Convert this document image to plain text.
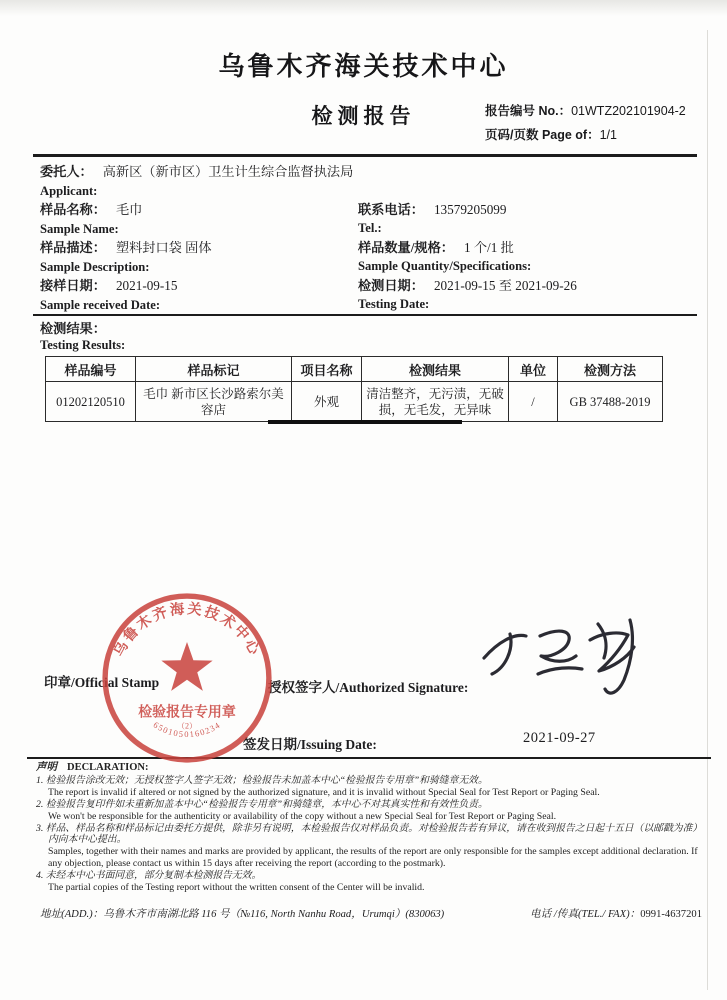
乌鲁木齐海关技术中心
检测报告	报告编号 No.：01WTZ202101904-2
页码/页数 Page of：1/1
委托人： 高新区（新市区）卫生计生综合监督执法局
Applicant:
样品名称： 毛巾	联系电话： 13579205099
Sample Name:	Tel.:
样品描述： 塑料封口袋 固体	样品数量/规格： 1 个/1 批
Sample Description:	Sample Quantity/Specifications:
接样日期： 2021-09-15	检测日期： 2021-09-15 至 2021-09-26
Sample received Date:	Testing Date:
检测结果：
Testing Results:
样品编号	样品标记	项目名称	检测结果	单位	检测方法
01202120510	毛巾 新市区长沙路索尔美容店	外观	清洁整齐，无污渍，无破损，无毛发，无异味	/	GB 37488-2019
印章/Official Stamp
乌鲁木齐海关技术中心
检验报告专用章
（2）
6501050160234
授权签字人/Authorized Signature:
签发日期/Issuing Date:	2021-09-27
声明 DECLARATION:
1. 检验报告涂改无效；无授权签字人签字无效；检验报告未加盖本中心“检验报告专用章”和骑缝章无效。
The report is invalid if altered or not signed by the authorized signature, and it is invalid without Special Seal for Test Report or Paging Seal.
2. 检验报告复印件如未重新加盖本中心“检验报告专用章”和骑缝章，本中心不对其真实性和有效性负责。
We won't be responsible for the authenticity or availability of the copy without a new Special Seal for Test Report or Paging Seal.
3. 样品、样品名称和样品标记由委托方提供，除非另有说明，本检验报告仅对样品负责。对检验报告若有异议，请在收到报告之日起十五日（以邮戳为准）内向本中心提出。
Samples, together with their names and marks are provided by applicant, the results of the report are only responsible for the samples except additional declaration. If any objection, please contact us within 15 days after receiving the report (according to the postmark).
4. 未经本中心书面同意，部分复制本检测报告无效。
The partial copies of the Testing report without the written consent of the Center will be invalid.
地址(ADD.)：乌鲁木齐市南湖北路 116 号（№116, North Nanhu Road，Urumqi）(830063)	电话 /传真(TEL./ FAX)：0991-4637201
